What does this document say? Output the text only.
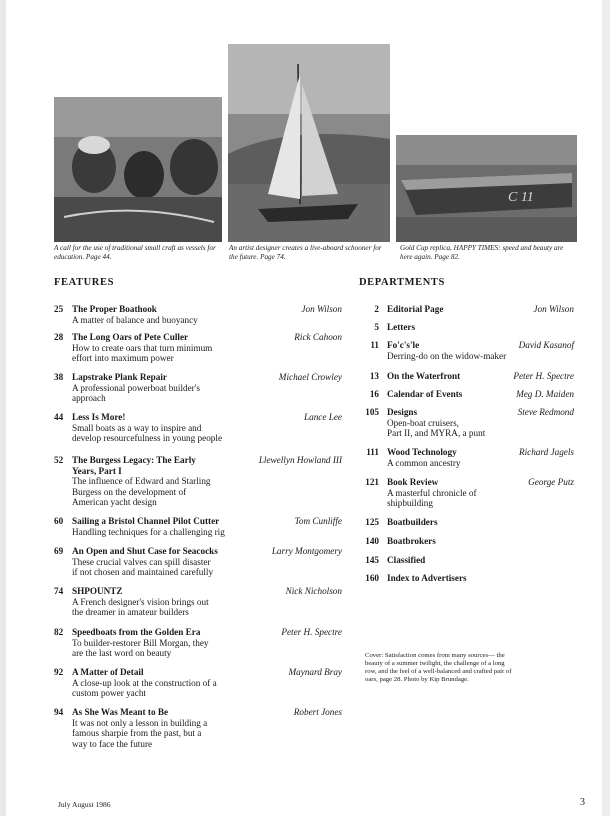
C 11
A call for the use of traditional small craft as vessels for education. Page 44.
An artist designer creates a live-aboard schooner for the future. Page 74.
Gold Cup replica, HAPPY TIMES: speed and beauty are here again. Page 82.
FEATURES	DEPARTMENTS
25 The Proper Boathook
A matter of balance and buoyancy
Jon Wilson
28 The Long Oars of Pete Culler
How to create oars that turn minimum
effort into maximum power
Rick Cahoon
38 Lapstrake Plank Repair
A professional powerboat builder's
approach
Michael Crowley
44 Less Is More!
Small boats as a way to inspire and
develop resourcefulness in young people
Lance Lee
52 The Burgess Legacy: The Early
Years, Part I
The influence of Edward and Starling
Burgess on the development of
American yacht design
Llewellyn Howland III
60 Sailing a Bristol Channel Pilot Cutter
Handling techniques for a challenging rig
Tom Cunliffe
69 An Open and Shut Case for Seacocks
These crucial valves can spill disaster
if not chosen and maintained carefully
Larry Montgomery
74 SHPOUNTZ
A French designer's vision brings out
the dreamer in amateur builders
Nick Nicholson
82 Speedboats from the Golden Era
To builder-restorer Bill Morgan, they
are the last word on beauty
Peter H. Spectre
92 A Matter of Detail
A close-up look at the construction of a
custom power yacht
Maynard Bray
94 As She Was Meant to Be
It was not only a lesson in building a
famous sharpie from the past, but a
way to face the future
Robert Jones
2 Editorial Page	Jon Wilson
5 Letters
11 Fo'c's'le
Derring-do on the widow-maker
David Kasanof
13 On the Waterfront	Peter H. Spectre
16 Calendar of Events	Meg D. Maiden
105 Designs
Open-boat cruisers,
Part II, and MYRA, a punt
Steve Redmond
111 Wood Technology
A common ancestry
Richard Jagels
121 Book Review
A masterful chronicle of
shipbuilding
George Putz
125 Boatbuilders
140 Boatbrokers
145 Classified
160 Index to Advertisers
Cover: Satisfaction comes from many sources— the beauty of a summer twilight, the challenge of a long row, and the feel of a well-balanced and crafted pair of oars, page 28. Photo by Kip Brundage.
July August 1986	3
